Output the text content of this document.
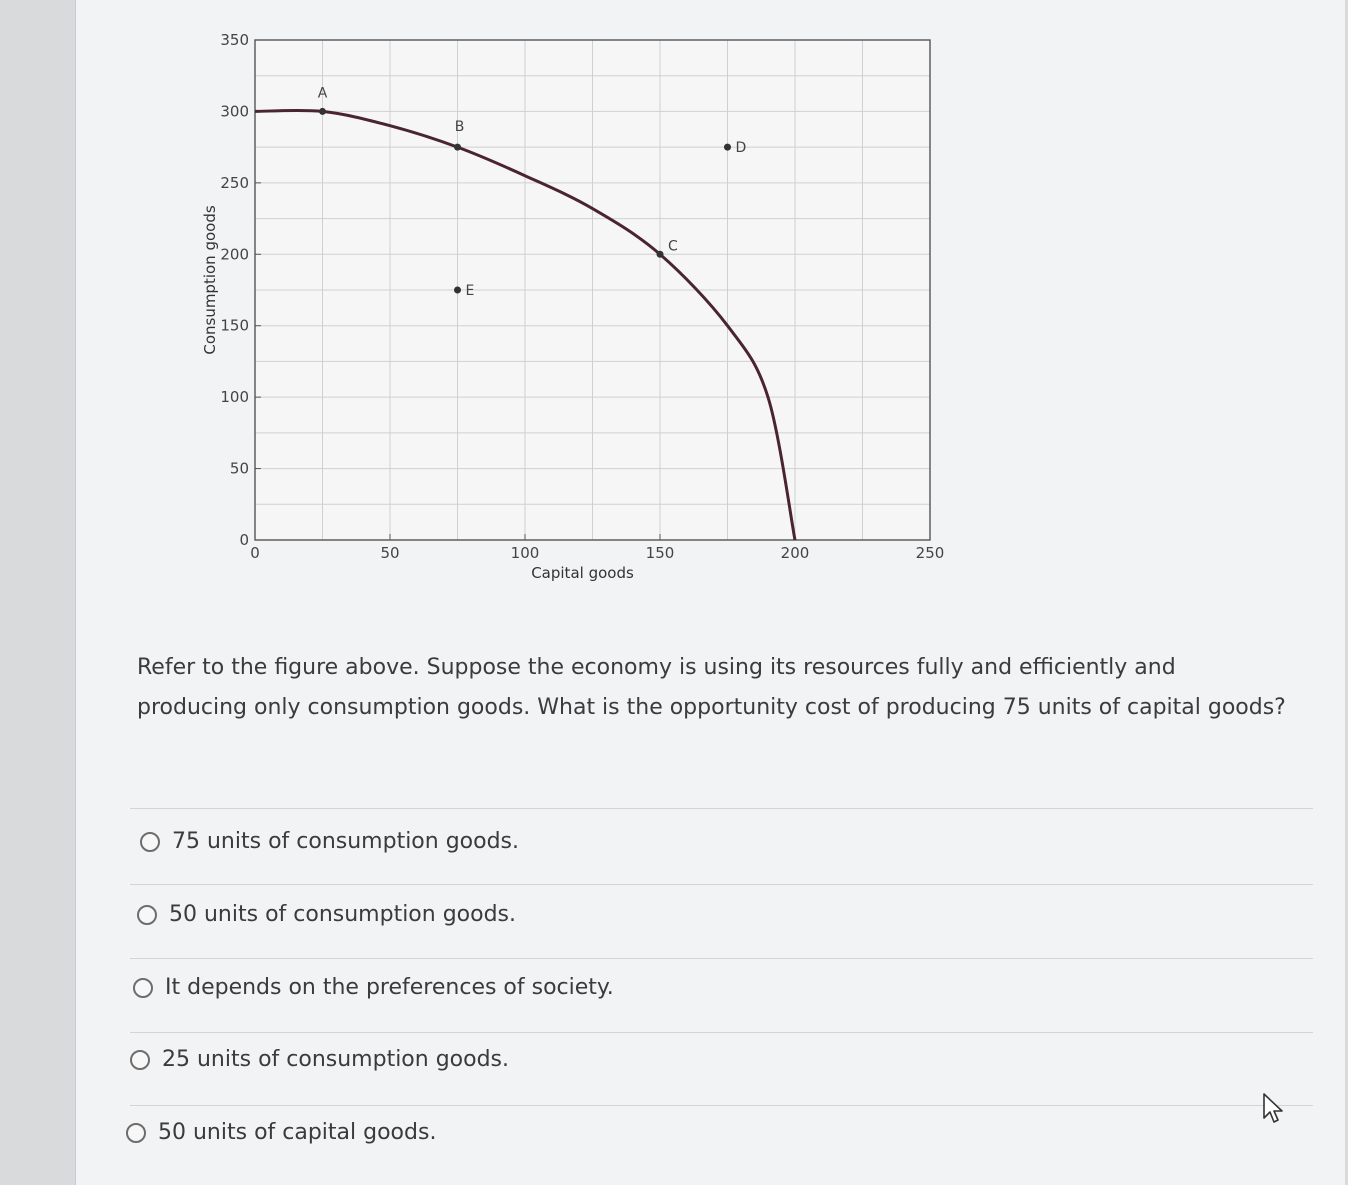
0	50	100	150	200	250
0
50
100
150
200
250
300
350
Capital goods
Consumption goods
A
B
C
D
E
Refer to the figure above. Suppose the economy is using its resources fully and efficiently and producing only consumption goods. What is the opportunity cost of producing 75 units of capital goods?
75 units of consumption goods.
50 units of consumption goods.
It depends on the preferences of society.
25 units of consumption goods.
50 units of capital goods.
